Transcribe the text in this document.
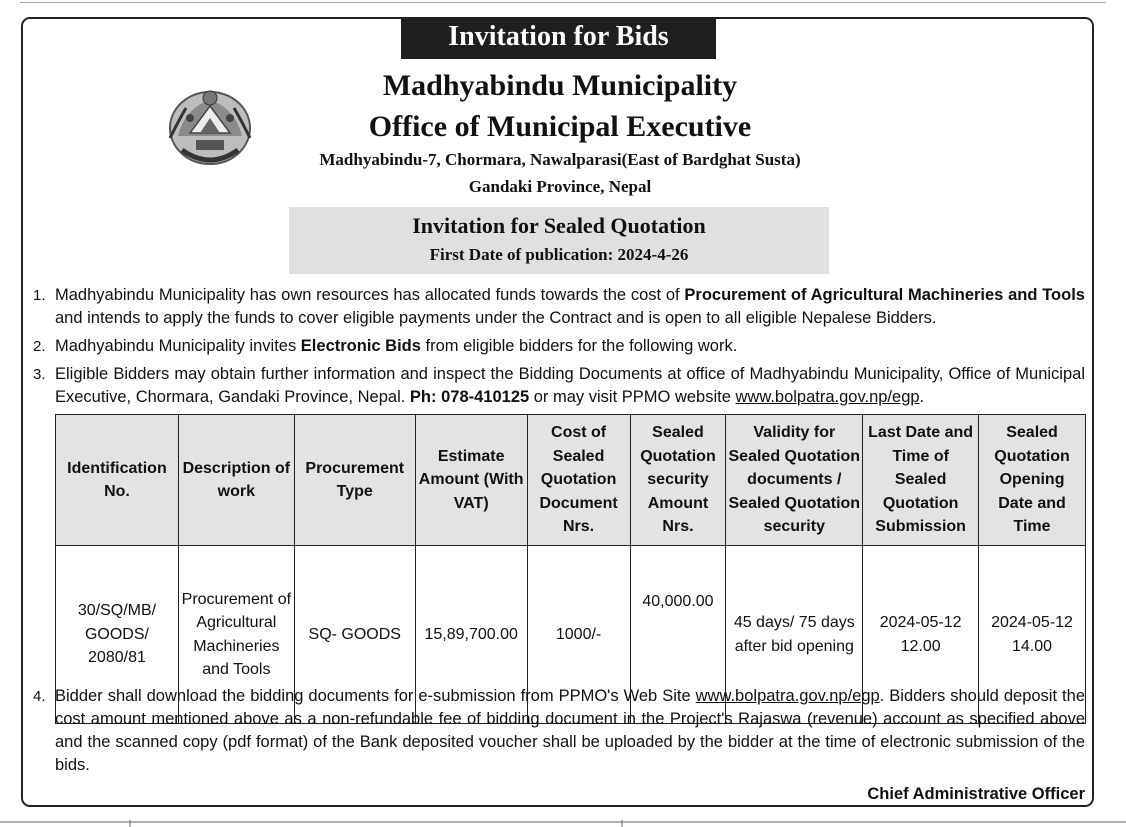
Invitation for Bids
Madhyabindu Municipality
Office of Municipal Executive
Madhyabindu-7, Chormara, Nawalparasi(East of Bardghat Susta)
Gandaki Province, Nepal
Invitation for Sealed Quotation
First Date of publication: 2024-4-26
1. Madhyabindu Municipality has own resources has allocated funds towards the cost of Procurement of Agricultural Machineries and Tools and intends to apply the funds to cover eligible payments under the Contract and is open to all eligible Nepalese Bidders.
2. Madhyabindu Municipality invites Electronic Bids from eligible bidders for the following work.
3. Eligible Bidders may obtain further information and inspect the Bidding Documents at office of Madhyabindu Municipality, Office of Municipal Executive, Chormara, Gandaki Province, Nepal. Ph: 078-410125 or may visit PPMO website www.bolpatra.gov.np/egp.
Identification No.	Description of work	Procurement Type	Estimate Amount (With VAT)	Cost of Sealed Quotation Document Nrs.	Sealed Quotation security Amount Nrs.	Validity for Sealed Quotation documents / Sealed Quotation security	Last Date and Time of Sealed Quotation Submission	Sealed Quotation Opening Date and Time
30/SQ/MB/ GOODS/ 2080/81	Procurement of Agricultural Machineries and Tools	SQ- GOODS	15,89,700.00	1000/-	40,000.00	45 days/ 75 days after bid opening	2024-05-12 12.00	2024-05-12 14.00
4. Bidder shall download the bidding documents for e-submission from PPMO's Web Site www.bolpatra.gov.np/egp. Bidders should deposit the cost amount mentioned above as a non-refundable fee of bidding document in the Project's Rajaswa (revenue) account as specified above and the scanned copy (pdf format) of the Bank deposited voucher shall be uploaded by the bidder at the time of electronic submission of the bids.
Chief Administrative Officer
